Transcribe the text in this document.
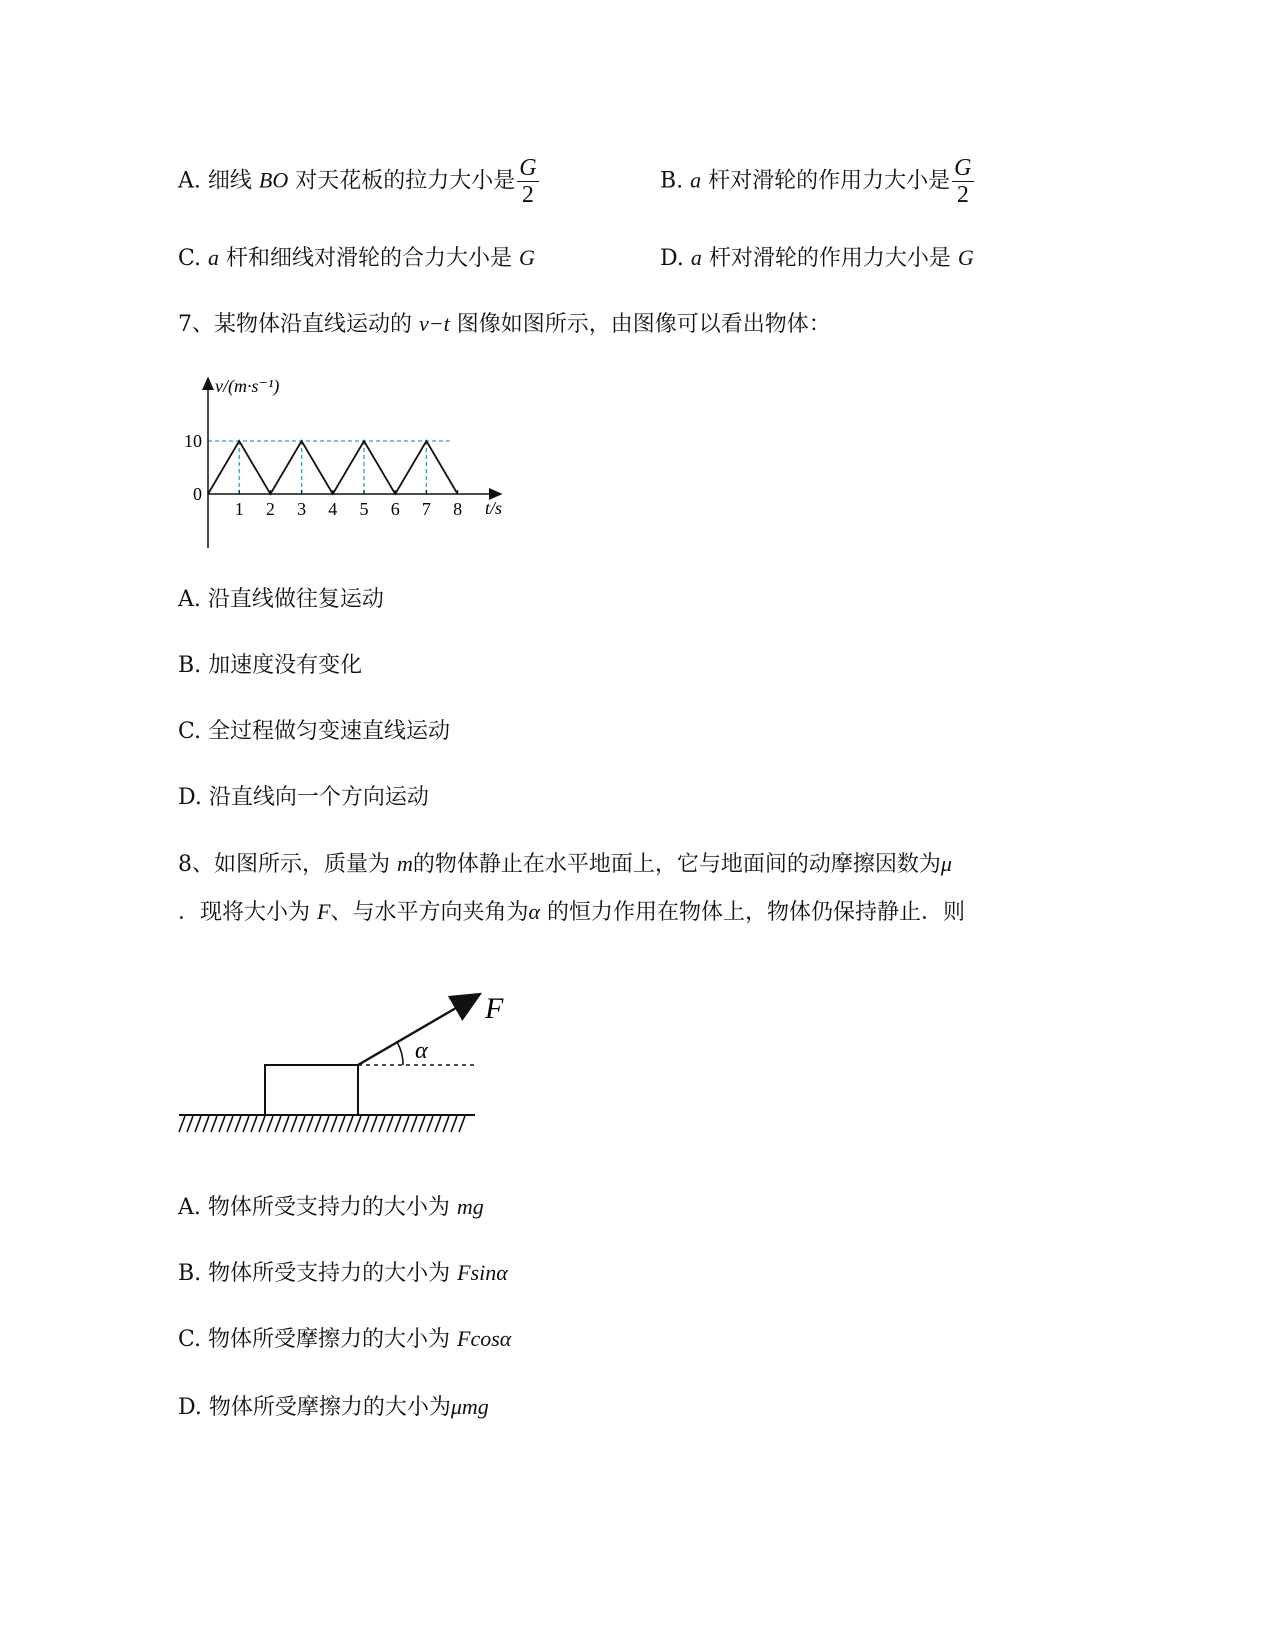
A. 细线 BO 对天花板的拉力大小是 $\frac{G}{2}$	B. a 杆对滑轮的作用力大小是 $\frac{G}{2}$
C. a 杆和细线对滑轮的合力大小是 G	D. a 杆对滑轮的作用力大小是 G
7、某物体沿直线运动的 v−t 图像如图所示，由图像可以看出物体：
1 2 3 4 5 6 7 8
10
0
v/(m·s⁻¹)
t/s
A. 沿直线做往复运动
B. 加速度没有变化
C. 全过程做匀变速直线运动
D. 沿直线向一个方向运动
8、如图所示，质量为 m的物体静止在水平地面上，它与地面间的动摩擦因数为μ
．现将大小为 F、与水平方向夹角为α 的恒力作用在物体上，物体仍保持静止．则
F
α
A. 物体所受支持力的大小为 mg
B. 物体所受支持力的大小为 Fsinα
C. 物体所受摩擦力的大小为 Fcosα
D. 物体所受摩擦力的大小为μmg
